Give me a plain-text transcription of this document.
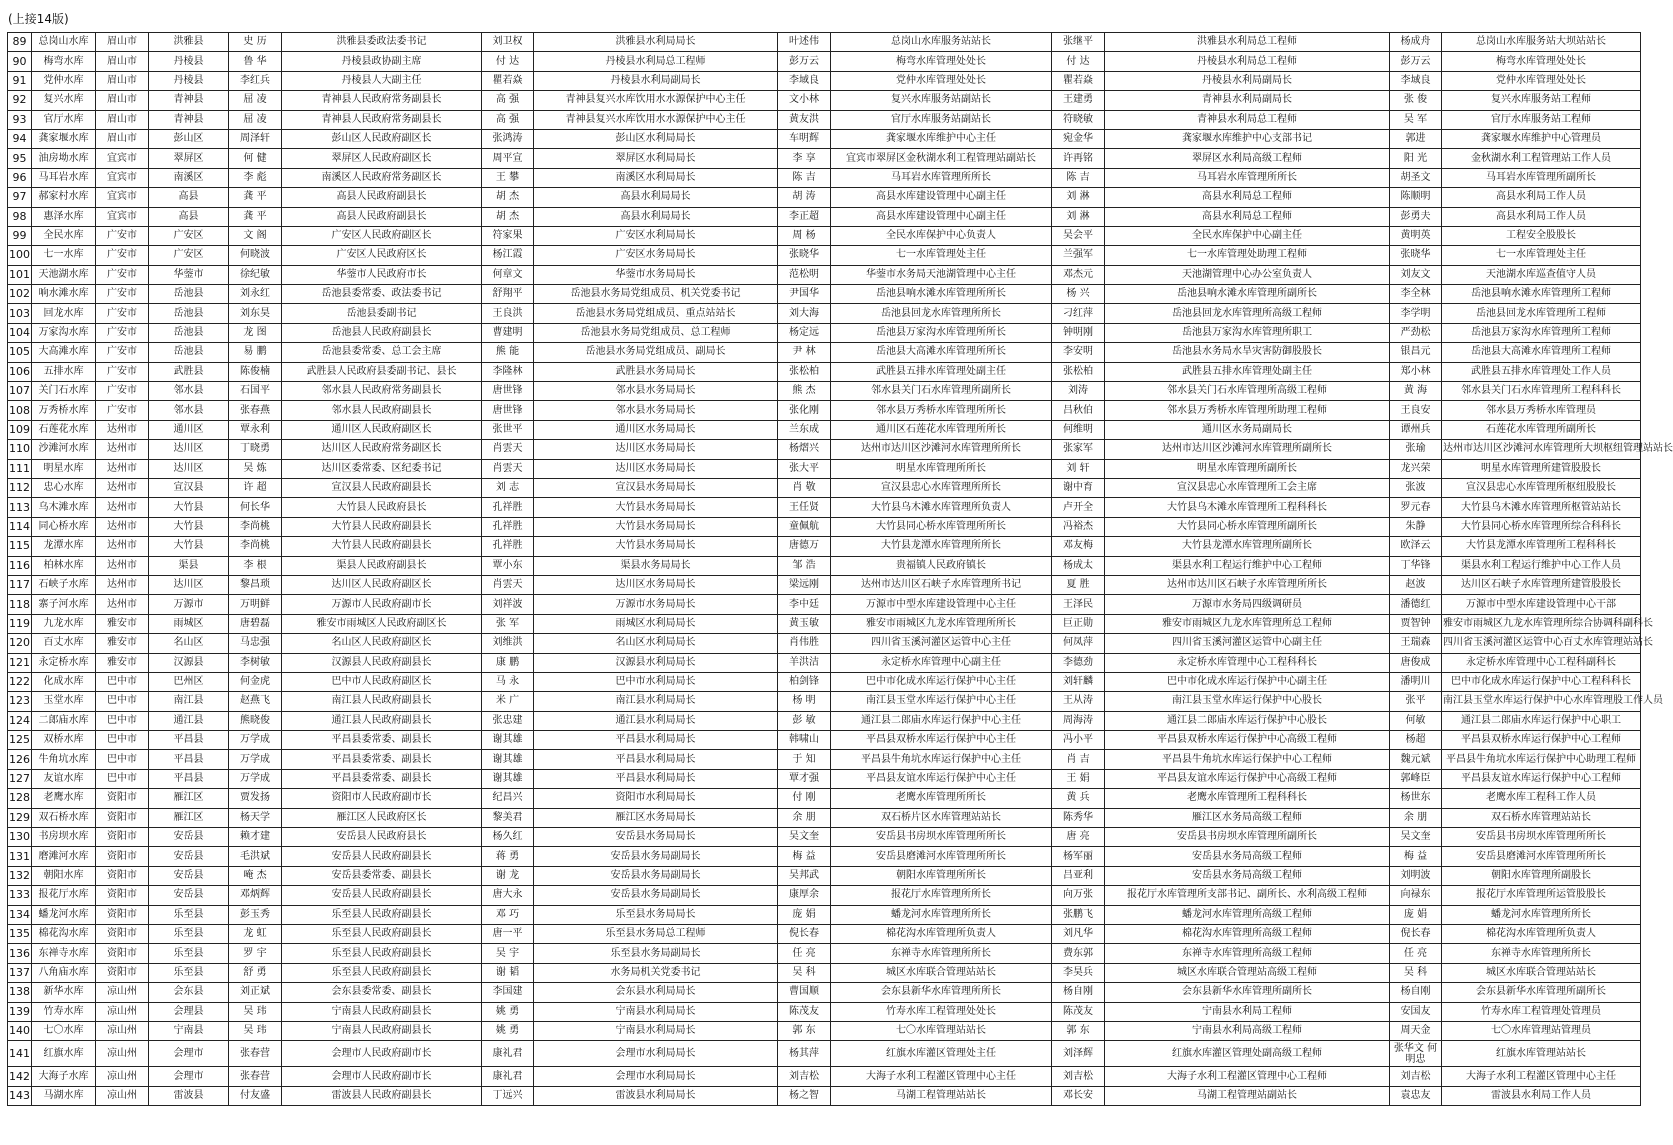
(上接14版)
89	总岗山水库	眉山市	洪雅县	史 历	洪雅县委政法委书记	刘卫权	洪雅县水利局局长	叶述伟	总岗山水库服务站站长	张继平	洪雅县水利局总工程师	杨成舟	总岗山水库服务站大坝站站长
90	梅弯水库	眉山市	丹棱县	鲁 华	丹棱县政协副主席	付 达	丹棱县水利局总工程师	彭万云	梅弯水库管理处处长	付 达	丹棱县水利局总工程师	彭万云	梅弯水库管理处处长
91	党仲水库	眉山市	丹棱县	李红兵	丹棱县人大副主任	瞿若焱	丹棱县水利局副局长	李域良	党仲水库管理处处长	瞿若焱	丹棱县水利局副局长	李域良	党仲水库管理处处长
92	复兴水库	眉山市	青神县	屈 凌	青神县人民政府常务副县长	高 强	青神县复兴水库饮用水水源保护中心主任	文小林	复兴水库服务站副站长	王建勇	青神县水利局副局长	张 俊	复兴水库服务站工程师
93	官厅水库	眉山市	青神县	屈 凌	青神县人民政府常务副县长	高 强	青神县复兴水库饮用水水源保护中心主任	黄友洪	官厅水库服务站副站长	符晓敏	青神县水利局总工程师	吴 军	官厅水库服务站工程师
94	龚家堰水库	眉山市	彭山区	周泽轩	彭山区人民政府副区长	张鸿涛	彭山区水利局局长	车明辉	龚家堰水库维护中心主任	宛金华	龚家堰水库维护中心支部书记	郭进	龚家堰水库维护中心管理员
95	油房坳水库	宜宾市	翠屏区	何 健	翠屏区人民政府副区长	周平宣	翠屏区水利局局长	李 享	宜宾市翠屏区金秋湖水利工程管理站副站长	许再铭	翠屏区水利局高级工程师	阳 光	金秋湖水利工程管理站工作人员
96	马耳岩水库	宜宾市	南溪区	李 彪	南溪区人民政府常务副区长	王 攀	南溪区水利局局长	陈 吉	马耳岩水库管理所所长	陈 吉	马耳岩水库管理所所长	胡圣文	马耳岩水库管理所副所长
97	郝家村水库	宜宾市	高县	龚 平	高县人民政府副县长	胡 杰	高县水利局局长	胡 涛	高县水库建设管理中心副主任	刘 淋	高县水利局总工程师	陈顺明	高县水利局工作人员
98	惠泽水库	宜宾市	高县	龚 平	高县人民政府副县长	胡 杰	高县水利局局长	李正超	高县水库建设管理中心副主任	刘 淋	高县水利局总工程师	彭勇夫	高县水利局工作人员
99	全民水库	广安市	广安区	文 阁	广安区人民政府副区长	符家果	广安区水利局局长	周 杨	全民水库保护中心负责人	吴会平	全民水库保护中心副主任	黄明英	工程安全股股长
100	七一水库	广安市	广安区	何晓波	广安区人民政府区长	杨江霞	广安区水务局局长	张晓华	七一水库管理处主任	兰强军	七一水库管理处助理工程师	张晓华	七一水库管理处主任
101	天池湖水库	广安市	华蓥市	徐纪敏	华蓥市人民政府市长	何章文	华蓥市水务局局长	范松明	华蓥市水务局天池湖管理中心主任	邓杰元	天池湖管理中心办公室负责人	刘友文	天池湖水库巡查值守人员
102	响水滩水库	广安市	岳池县	刘永红	岳池县委常委、政法委书记	舒翔平	岳池县水务局党组成员、机关党委书记	尹国华	岳池县响水滩水库管理所所长	杨 兴	岳池县响水滩水库管理所副所长	李全林	岳池县响水滩水库管理所工程师
103	回龙水库	广安市	岳池县	刘东昊	岳池县委副书记	王良洪	岳池县水务局党组成员、重点站站长	刘大海	岳池县回龙水库管理所所长	刁红萍	岳池县回龙水库管理所高级工程师	李学明	岳池县回龙水库管理所工程师
104	万家沟水库	广安市	岳池县	龙 图	岳池县人民政府副县长	曹建明	岳池县水务局党组成员、总工程师	杨定远	岳池县万家沟水库管理所所长	钟明刚	岳池县万家沟水库管理所职工	严劲松	岳池县万家沟水库管理所工程师
105	大高滩水库	广安市	岳池县	易 鹏	岳池县委常委、总工会主席	熊 能	岳池县水务局党组成员、副局长	尹 林	岳池县大高滩水库管理所所长	李安明	岳池县水务局水旱灾害防御股股长	银昌元	岳池县大高滩水库管理所工程师
106	五排水库	广安市	武胜县	陈俊楠	武胜县人民政府县委副书记、县长	李隆林	武胜县水务局局长	张松柏	武胜县五排水库管理处副主任	张松柏	武胜县五排水库管理处副主任	郑小林	武胜县五排水库管理处工作人员
107	关门石水库	广安市	邻水县	石国平	邻水县人民政府常务副县长	唐世锋	邻水县水务局局长	熊 杰	邻水县关门石水库管理所副所长	刘涛	邻水县关门石水库管理所高级工程师	黄 海	邻水县关门石水库管理所工程科科长
108	万秀桥水库	广安市	邻水县	张春燕	邻水县人民政府副县长	唐世锋	邻水县水务局局长	张化刚	邻水县万秀桥水库管理所所长	吕秋伯	邻水县万秀桥水库管理所助理工程师	王良安	邻水县万秀桥水库管理员
109	石莲花水库	达州市	通川区	覃永利	通川区人民政府副区长	张世平	通川区水务局局长	兰东成	通川区石莲花水库管理所所长	何维明	通川区水务局副局长	谭州兵	石莲花水库管理所副所长
110	沙滩河水库	达州市	达川区	丁晓勇	达川区人民政府常务副区长	肖雲天	达川区水务局局长	杨熠兴	达州市达川区沙滩河水库管理所所长	张家军	达州市达川区沙滩河水库管理所副所长	张瑜	达州市达川区沙滩河水库管理所大坝枢纽管理站站长
111	明星水库	达州市	达川区	吴 炼	达川区委常委、区纪委书记	肖雲天	达川区水务局局长	张大平	明星水库管理所所长	刘 轩	明星水库管理所副所长	龙兴荣	明星水库管理所建管股股长
112	忠心水库	达州市	宣汉县	许 超	宣汉县人民政府副县长	刘 志	宣汉县水务局局长	肖 敬	宣汉县忠心水库管理所所长	谢中育	宣汉县忠心水库管理所工会主席	张波	宣汉县忠心水库管理所枢纽股股长
113	乌木滩水库	达州市	大竹县	何长华	大竹县人民政府县长	孔祥胜	大竹县水务局局长	王任贤	大竹县乌木滩水库管理所负责人	卢开全	大竹县乌木滩水库管理所工程科科长	罗元春	大竹县乌木滩水库管理所枢管站站长
114	同心桥水库	达州市	大竹县	李尚桃	大竹县人民政府副县长	孔祥胜	大竹县水务局局长	童佩航	大竹县同心桥水库管理所所长	冯裕杰	大竹县同心桥水库管理所副所长	朱静	大竹县同心桥水库管理所综合科科长
115	龙潭水库	达州市	大竹县	李尚桃	大竹县人民政府副县长	孔祥胜	大竹县水务局局长	唐德万	大竹县龙潭水库管理所所长	邓友梅	大竹县龙潭水库管理所副所长	欧泽云	大竹县龙潭水库管理所工程科科长
116	柏林水库	达州市	渠县	李 根	渠县人民政府副县长	覃小东	渠县水务局局长	邹 浩	贵福镇人民政府镇长	杨成太	渠县水利工程运行维护中心工程师	丁华锋	渠县水利工程运行维护中心工作人员
117	石峡子水库	达州市	达川区	黎昌琐	达川区人民政府副区长	肖雲天	达川区水务局局长	梁远刚	达州市达川区石峡子水库管理所书记	夏 胜	达州市达川区石峡子水库管理所所长	赵波	达川区石峡子水库管理所建管股股长
118	寨子河水库	达州市	万源市	万明鲜	万源市人民政府副市长	刘祥波	万源市水务局局长	李中廷	万源市中型水库建设管理中心主任	王泽民	万源市水务局四级调研员	潘德红	万源市中型水库建设管理中心干部
119	九龙水库	雅安市	雨城区	唐碧磊	雅安市雨城区人民政府副区长	张 军	雨城区水利局局长	黄玉敏	雅安市雨城区九龙水库管理所所长	巨正勋	雅安市雨城区九龙水库管理所总工程师	贾智钟	雅安市雨城区九龙水库管理所综合协调科副科长
120	百丈水库	雅安市	名山区	马忠强	名山区人民政府副区长	刘维洪	名山区水利局局长	肖伟胜	四川省玉溪河灌区运管中心主任	何凤萍	四川省玉溪河灌区运管中心副主任	王瑞森	四川省玉溪河灌区运管中心百丈水库管理站站长
121	永定桥水库	雅安市	汉源县	李树敏	汉源县人民政府副县长	康 鹏	汉源县水利局局长	羊洪洁	永定桥水库管理中心副主任	李德劲	永定桥水库管理中心工程科科长	唐俊成	永定桥水库管理中心工程科副科长
122	化成水库	巴中市	巴州区	何金虎	巴中市人民政府副区长	马 永	巴中市水利局局长	柏剑锋	巴中市化成水库运行保护中心主任	刘轩麟	巴中市化成水库运行保护中心副主任	潘明川	巴中市化成水库运行保护中心工程科科长
123	玉堂水库	巴中市	南江县	赵燕飞	南江县人民政府副县长	米 广	南江县水利局局长	杨 明	南江县玉堂水库运行保护中心主任	王从涛	南江县玉堂水库运行保护中心股长	张平	南江县玉堂水库运行保护中心水库管理股工作人员
124	二郎庙水库	巴中市	通江县	熊晓俊	通江县人民政府副县长	张忠建	通江县水利局局长	彭 敏	通江县二郎庙水库运行保护中心主任	周海涛	通江县二郎庙水库运行保护中心股长	何敏	通江县二郎庙水库运行保护中心职工
125	双桥水库	巴中市	平昌县	万学成	平昌县委常委、副县长	谢其雄	平昌县水利局局长	韩啸山	平昌县双桥水库运行保护中心主任	冯小平	平昌县双桥水库运行保护中心高级工程师	杨超	平昌县双桥水库运行保护中心工程师
126	牛角坑水库	巴中市	平昌县	万学成	平昌县委常委、副县长	谢其雄	平昌县水利局局长	于 知	平昌县牛角坑水库运行保护中心主任	肖 吉	平昌县牛角坑水库运行保护中心工程师	魏元斌	平昌县牛角坑水库运行保护中心助理工程师
127	友谊水库	巴中市	平昌县	万学成	平昌县委常委、副县长	谢其雄	平昌县水利局局长	覃才强	平昌县友谊水库运行保护中心主任	王 娟	平昌县友谊水库运行保护中心高级工程师	郭峰臣	平昌县友谊水库运行保护中心工程师
128	老鹰水库	资阳市	雁江区	贾发扬	资阳市人民政府副市长	纪昌兴	资阳市水利局局长	付 刚	老鹰水库管理所所长	黄 兵	老鹰水库管理所工程科科长	杨世东	老鹰水库工程科工作人员
129	双石桥水库	资阳市	雁江区	杨天学	雁江区人民政府区长	黎美君	雁江区水务局局长	余 朋	双石桥片区水库管理站站长	陈秀华	雁江区水务局高级工程师	余 朋	双石桥水库管理站站长
130	书房坝水库	资阳市	安岳县	赖才建	安岳县人民政府县长	杨久红	安岳县水务局局长	吴文奎	安岳县书房坝水库管理所所长	唐 亮	安岳县书房坝水库管理所副所长	吴文奎	安岳县书房坝水库管理所所长
131	磨滩河水库	资阳市	安岳县	毛洪斌	安岳县人民政府副县长	蒋 勇	安岳县水务局副局长	梅 益	安岳县磨滩河水库管理所所长	杨军丽	安岳县水务局高级工程师	梅 益	安岳县磨滩河水库管理所所长
132	朝阳水库	资阳市	安岳县	唵 杰	安岳县委常委、副县长	谢 龙	安岳县水务局副局长	吴邦武	朝阳水库管理所所长	吕亚利	安岳县水务局高级工程师	刘明波	朝阳水库管理所副股长
133	报花厅水库	资阳市	安岳县	邓炳辉	安岳县人民政府副县长	唐大永	安岳县水务局副局长	康厚余	报花厅水库管理所所长	向万张	报花厅水库管理所支部书记、副所长、水利高级工程师	向禄东	报花厅水库管理所运管股股长
134	蟠龙河水库	资阳市	乐至县	彭玉秀	乐至县人民政府副县长	邓 巧	乐至县水务局局长	庞 娟	蟠龙河水库管理所所长	张鹏飞	蟠龙河水库管理所高级工程师	庞 娟	蟠龙河水库管理所所长
135	棉花沟水库	资阳市	乐至县	龙 虹	乐至县人民政府副县长	唐一平	乐至县水务局总工程师	倪长春	棉花沟水库管理所负责人	刘凡华	棉花沟水库管理所高级工程师	倪长春	棉花沟水库管理所负责人
136	东禅寺水库	资阳市	乐至县	罗 宇	乐至县人民政府副县长	吴 宇	乐至县水务局副局长	任 亮	东禅寺水库管理所所长	费东郭	东禅寺水库管理所高级工程师	任 亮	东禅寺水库管理所所长
137	八角庙水库	资阳市	乐至县	舒 勇	乐至县人民政府副县长	谢 韬	水务局机关党委书记	吴 科	城区水库联合管理站站长	李昊兵	城区水库联合管理站高级工程师	吴 科	城区水库联合管理站站长
138	新华水库	凉山州	会东县	刘正斌	会东县委常委、副县长	李国建	会东县水利局局长	曹国顺	会东县新华水库管理所所长	杨自刚	会东县新华水库管理所副所长	杨自刚	会东县新华水库管理所副所长
139	竹寿水库	凉山州	会理县	吴 玮	宁南县人民政府副县长	姚 勇	宁南县水利局局长	陈茂友	竹寿水库工程管理处处长	陈茂友	宁南县水利局工程师	安国友	竹寿水库工程管理处管理员
140	七〇水库	凉山州	宁南县	吴 玮	宁南县人民政府副县长	姚 勇	宁南县水利局局长	郭 东	七〇水库管理站站长	郭 东	宁南县水利局高级工程师	周天金	七〇水库管理站管理员
141	红旗水库	凉山州	会理市	张春营	会理市人民政府副市长	康礼君	会理市水利局局长	杨其萍	红旗水库灌区管理处主任	刘泽辉	红旗水库灌区管理处副高级工程师	张华文 何明忠	红旗水库管理站站长
142	大海子水库	凉山州	会理市	张春营	会理市人民政府副市长	康礼君	会理市水利局局长	刘吉松	大海子水利工程灌区管理中心主任	刘吉松	大海子水利工程灌区管理中心工程师	刘吉松	大海子水利工程灌区管理中心主任
143	马湖水库	凉山州	雷波县	付友盛	雷波县人民政府副县长	丁远兴	雷波县水利局局长	杨之智	马湖工程管理站站长	邓长安	马湖工程管理站副站长	袁忠友	雷波县水利局工作人员
